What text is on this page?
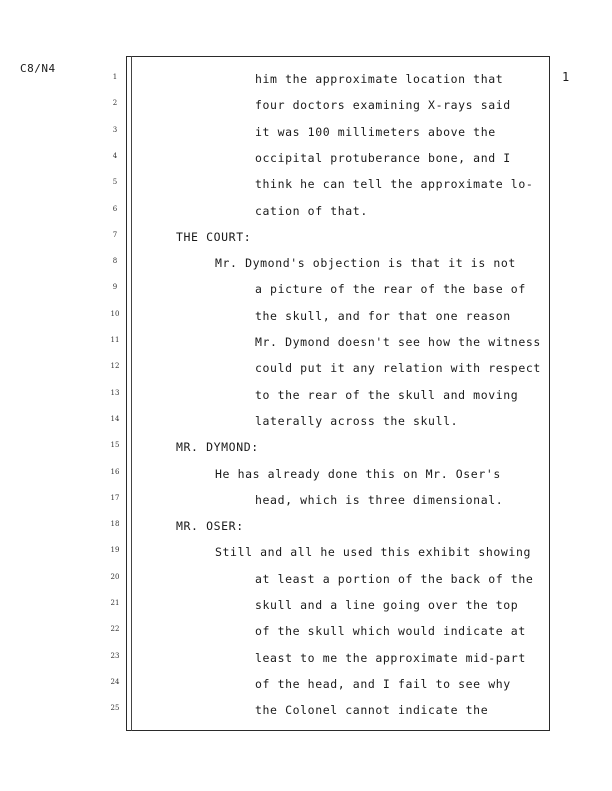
C8/N4
1
1	him the approximate location that
2	four doctors examining X-rays said
3	it was 100 millimeters above the
4	occipital protuberance bone, and I
5	think he can tell the approximate lo-
6	cation of that.
7	THE COURT:
8	Mr. Dymond's objection is that it is not
9	a picture of the rear of the base of
10	the skull, and for that one reason
11	Mr. Dymond doesn't see how the witness
12	could put it any relation with respect
13	to the rear of the skull and moving
14	laterally across the skull.
15	MR. DYMOND:
16	He has already done this on Mr. Oser's
17	head, which is three dimensional.
18	MR. OSER:
19	Still and all he used this exhibit showing
20	at least a portion of the back of the
21	skull and a line going over the top
22	of the skull which would indicate at
23	least to me the approximate mid-part
24	of the head, and I fail to see why
25	the Colonel cannot indicate the
